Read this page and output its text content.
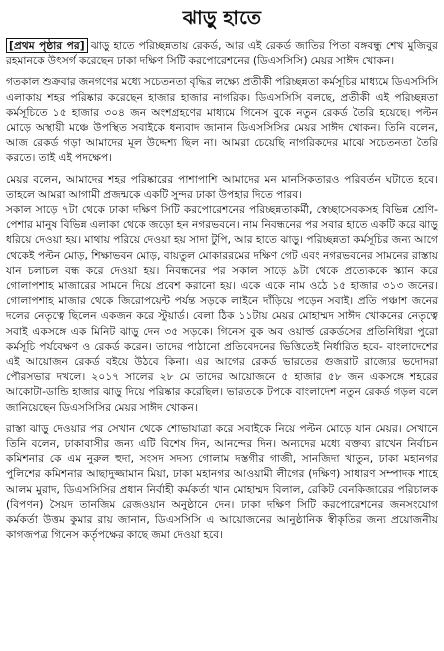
ঝাড়ু হাতে

[প্রথম পৃষ্ঠার পর] ঝাড়ু হাতে পরিচ্ছন্নতায় রেকর্ড, আর এই রেকর্ড জাতির পিতা বঙ্গবন্ধু শেখ মুজিবুর রহমানকে উৎসর্গ করেছেন ঢাকা দক্ষিণ সিটি করপোরেশনের (ডিএসসিসি) মেয়র সাঈদ খোকন।

গতকাল শুক্রবার জনগণের মধ্যে সচেতনতা বৃদ্ধির লক্ষ্যে প্রতীকী পরিচ্ছন্নতা কর্মসূচির মাধ্যমে ডিএসসিসি এলাকায় শহর পরিষ্কার করেছেন হাজার হাজার নাগরিক। ডিএসসিসি বলছে, প্রতীকী এই পরিচ্ছন্নতা কর্মসূচিতে ১৫ হাজার ৩০৪ জন অংশগ্রহণের মাধ্যমে গিনেস বুকে নতুন রেকর্ড তৈরি হয়েছে। পল্টন মোড়ে অস্থায়ী মঞ্চে উপস্থিত সবাইকে ধন্যবাদ জানান ডিএসসিসির মেয়র সাঈদ খোকন। তিনি বলেন, আজ রেকর্ড গড়া আমাদের মূল উদ্দেশ্য ছিল না। আমরা চেয়েছি নাগরিকদের মাঝে সচেতনতা তৈরি করতে। তাই এই পদক্ষেপ।

মেয়র বলেন, আমাদের শহর পরিষ্কারের পাশাপাশি আমাদের মন মানসিকতারও পরিবর্তন ঘটাতে হবে। তাহলে আমরা আগামী প্রজন্মকে একটি সুন্দর ঢাকা উপহার দিতে পারব।

সকাল সাড়ে ৭টা থেকে ঢাকা দক্ষিণ সিটি করপোরেশনের পরিচ্ছন্নতাকর্মী, স্বেচ্ছাসেবকসহ বিভিন্ন শ্রেণি-পেশার মানুষ বিভিন্ন এলাকা থেকে জড়ো হন নগরভবনে। নাম নিবন্ধনের পর সবার হাতে একটি করে ঝাড়ু ধরিয়ে দেওয়া হয়। মাথায় পরিয়ে দেওয়া হয় সাদা টুপি, আর হাতে ঝাড়ু। পরিচ্ছন্নতা কর্মসূচির জন্য আগে থেকেই পল্টন মোড়, শিক্ষাভবন মোড়, বায়তুল মোকাররমের দক্ষিণ গেট এবং নগরভবনের সামনের রাস্তায় যান চলাচল বন্ধ করে দেওয়া হয়। নিবন্ধনের পর সকাল সাড়ে ৯টা থেকে প্রত্যেককে স্ক্যান করে গোলাপশাহ মাজারের সামনে দিয়ে প্রবেশ করানো হয়। একে একে নাম ওঠে ১৫ হাজার ৩১৩ জনের। গোলাপশাহ মাজার থেকে জিরোপয়েন্ট পর্যন্ত সড়কে লাইনে দাঁড়িয়ে পড়েন সবাই। প্রতি পঞ্চাশ জনের দলের নেতৃত্বে ছিলেন একজন করে স্টুয়ার্ড। বেলা ঠিক ১১টায় মেয়র মোহাম্মদ সাঈদ খোকনের নেতৃত্বে সবাই একসঙ্গে এক মিনিট ঝাড়ু দেন ৩৫ সড়কে। গিনেস বুক অব ওয়ার্ল্ড রেকর্ডসের প্রতিনিধিরা পুরো কর্মসূচি পর্যবেক্ষণ ও রেকর্ড করেন। তাদের পাঠানো প্রতিবেদনের ভিত্তিতেই নির্ধারিত হবে- বাংলাদেশের এই আয়োজন রেকর্ড বইয়ে উঠবে কিনা। এর আগের রেকর্ড ভারতের গুজরাট রাজ্যের ভদোদরা পৌরসভার দখলে। ২০১৭ সালের ২৮ মে তাদের আয়োজনে ৫ হাজার ৫৮ জন একসঙ্গে শহরের আকোটা-ডান্ডি হাজার ঝাড়ু দিয়ে পরিষ্কার করেছিল। ভারতকে টপকে বাংলাদেশ নতুন রেকর্ড গড়ল বলে জানিয়েছেন ডিএসসিসির মেয়র সাঈদ খোকন।

রাস্তা ঝাড়ু দেওয়ার পর সেখান থেকে শোভাযাত্রা করে সবাইকে নিয়ে পল্টন মোড়ে যান মেয়র। সেখানে তিনি বলেন, ঢাকাবাসীর জন্য এটি বিশেষ দিন, আনন্দের দিন। অন্যদের মধ্যে বক্তব্য রাখেন নির্বাচন কমিশনার কে এম নুরুল হুদা, সংসদ সদস্য গোলাম দস্তগীর গাজী, সানজিদা খাতুন, ঢাকা মহানগর পুলিশের কমিশনার আছাদুজ্জামান মিয়া, ঢাকা মহানগর আওয়ামী লীগের (দক্ষিণ) সাধারণ সম্পাদক শাহে আলম মুরাদ, ডিএসসিসির প্রধান নির্বাহী কর্মকর্তা খান মোহাম্মদ বিলাল, রেকিট বেনকিজারের পরিচালক (বিপণন) সৈয়দ তানজিম রেজওয়ান অনুষ্ঠানে দেন। ঢাকা দক্ষিণ সিটি করপোরেশনের জনসংযোগ কর্মকর্তা উত্তম কুমার রায় জানান, ডিএসসিসি এ আয়োজনের আনুষ্ঠানিক স্বীকৃতির জন্য প্রয়োজনীয় কাগজপত্র গিনেস কর্তৃপক্ষের কাছে জমা দেওয়া হবে।
